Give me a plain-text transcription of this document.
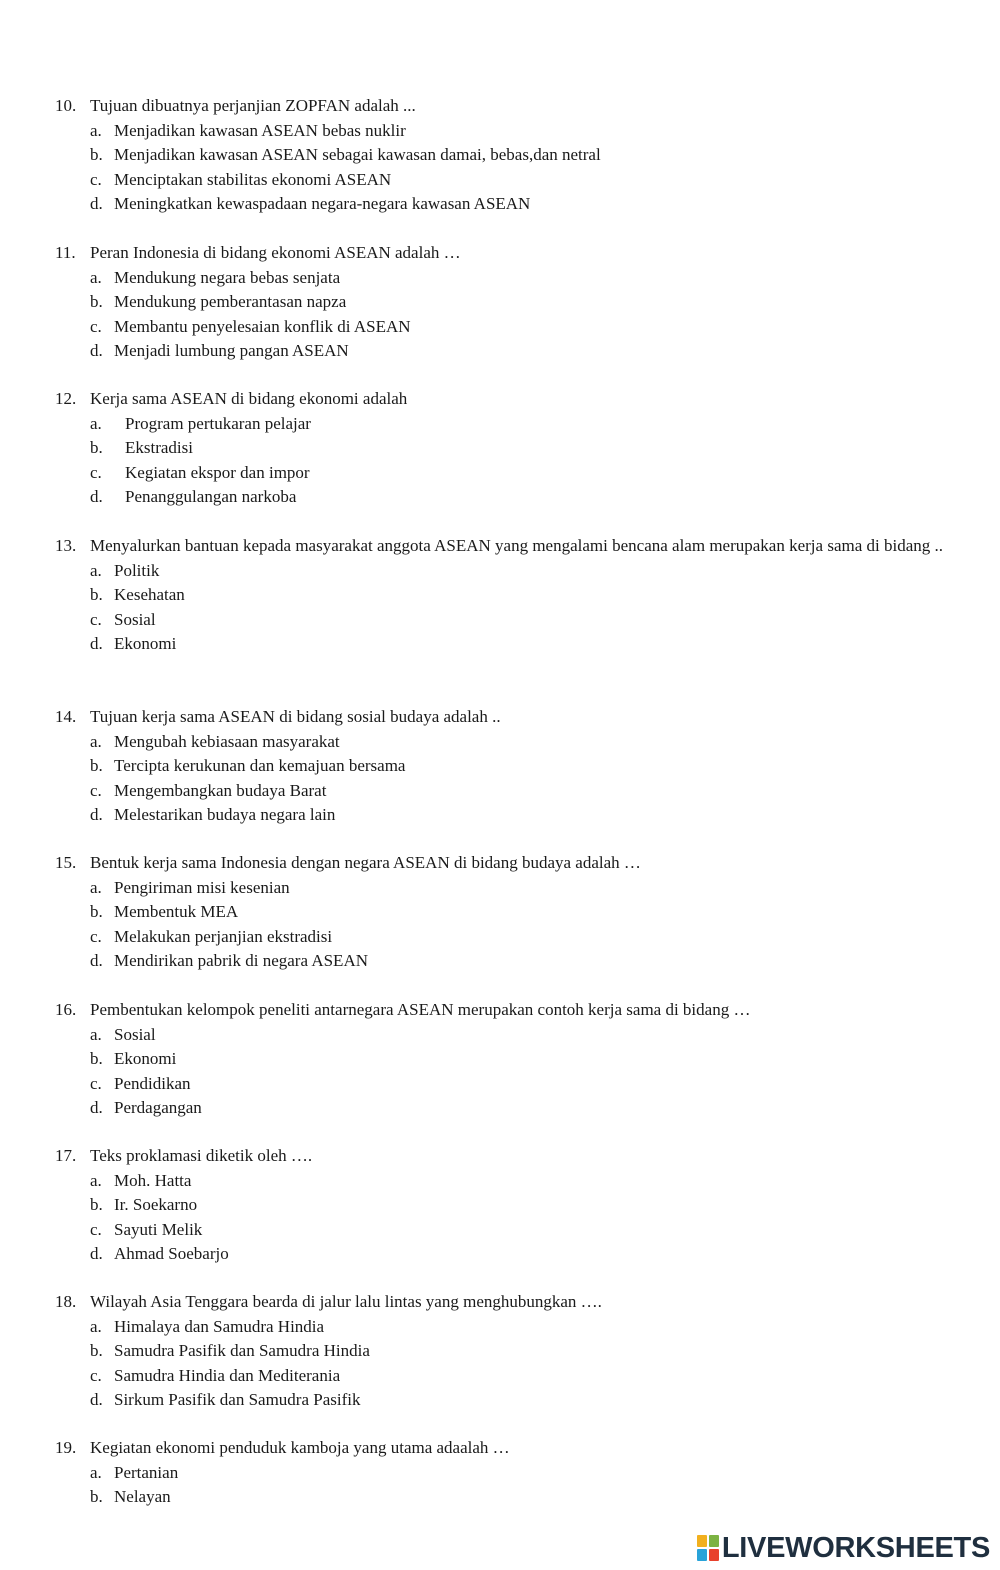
10. Tujuan dibuatnya perjanjian ZOPFAN adalah ...
a. Menjadikan kawasan ASEAN bebas nuklir
b. Menjadikan kawasan ASEAN sebagai kawasan damai, bebas,dan netral
c. Menciptakan stabilitas ekonomi ASEAN
d. Meningkatkan kewaspadaan negara-negara kawasan ASEAN
11. Peran Indonesia di bidang ekonomi ASEAN adalah …
a. Mendukung negara bebas senjata
b. Mendukung pemberantasan napza
c. Membantu penyelesaian konflik di ASEAN
d. Menjadi lumbung pangan ASEAN
12. Kerja sama ASEAN di bidang ekonomi adalah
a. Program pertukaran pelajar
b. Ekstradisi
c. Kegiatan ekspor dan impor
d. Penanggulangan narkoba
13. Menyalurkan bantuan kepada masyarakat anggota ASEAN yang mengalami bencana alam merupakan kerja sama di bidang ..
a. Politik
b. Kesehatan
c. Sosial
d. Ekonomi
14. Tujuan kerja sama ASEAN di bidang sosial budaya adalah ..
a. Mengubah kebiasaan masyarakat
b. Tercipta kerukunan dan kemajuan bersama
c. Mengembangkan budaya Barat
d. Melestarikan budaya negara lain
15. Bentuk kerja sama Indonesia dengan negara ASEAN di bidang budaya adalah …
a. Pengiriman misi kesenian
b. Membentuk MEA
c. Melakukan perjanjian ekstradisi
d. Mendirikan pabrik di negara ASEAN
16. Pembentukan kelompok peneliti antarnegara ASEAN merupakan contoh kerja sama di bidang …
a. Sosial
b. Ekonomi
c. Pendidikan
d. Perdagangan
17. Teks proklamasi diketik oleh ….
a. Moh. Hatta
b. Ir. Soekarno
c. Sayuti Melik
d. Ahmad Soebarjo
18. Wilayah Asia Tenggara bearda di jalur lalu lintas yang menghubungkan ….
a. Himalaya dan Samudra Hindia
b. Samudra Pasifik dan Samudra Hindia
c. Samudra Hindia dan Mediterania
d. Sirkum Pasifik dan Samudra Pasifik
19. Kegiatan ekonomi penduduk kamboja yang utama adaalah …
a. Pertanian
b. Nelayan
LIVEWORKSHEETS
